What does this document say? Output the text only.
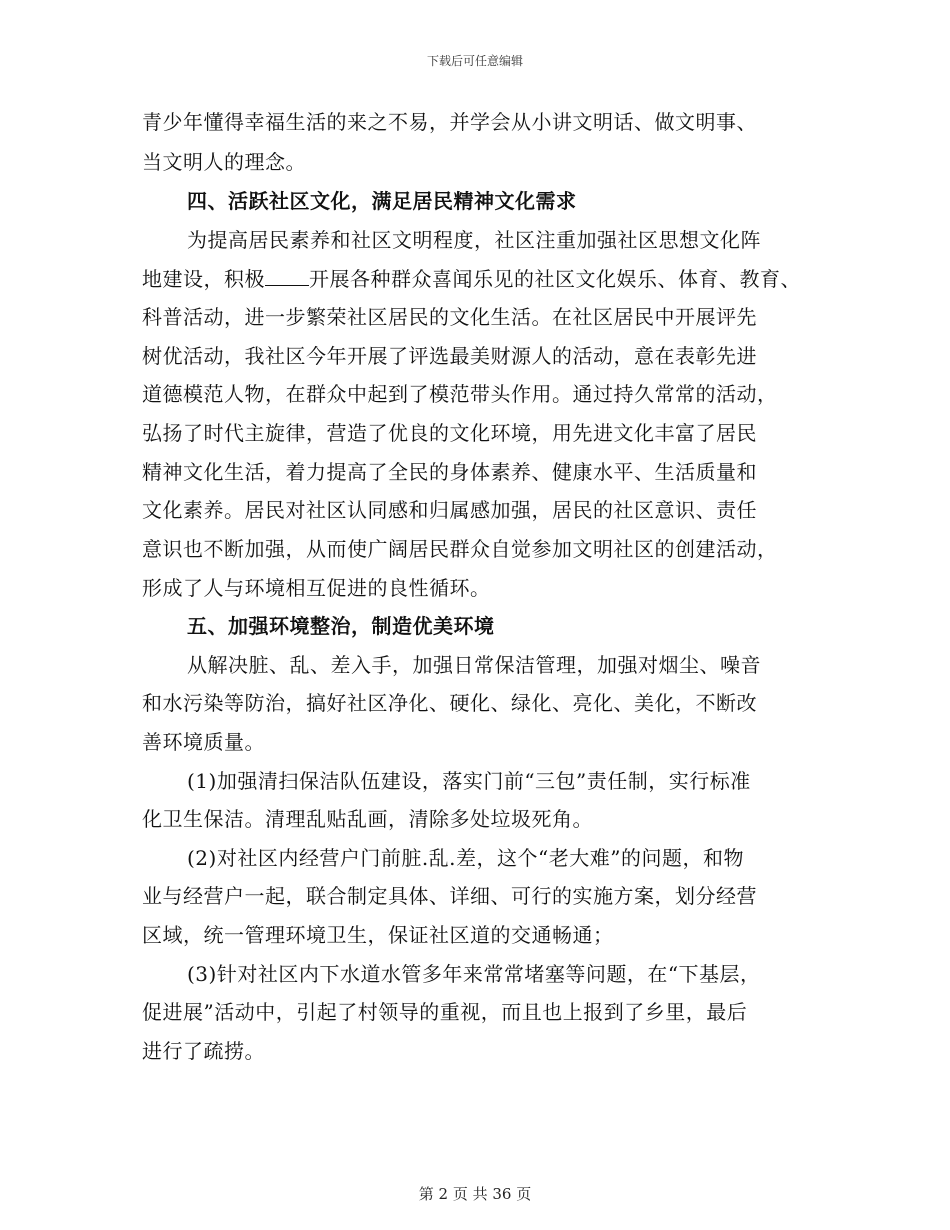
下载后可任意编辑
青少年懂得幸福生活的来之不易，并学会从小讲文明话、做文明事、
当文明人的理念。
四、活跃社区文化，满足居民精神文化需求
为提高居民素养和社区文明程度，社区注重加强社区思想文化阵
地建设，积极 开展各种群众喜闻乐见的社区文化娱乐、体育、教育、
科普活动，进一步繁荣社区居民的文化生活。在社区居民中开展评先
树优活动，我社区今年开展了评选最美财源人的活动，意在表彰先进
道德模范人物，在群众中起到了模范带头作用。通过持久常常的活动，
弘扬了时代主旋律，营造了优良的文化环境，用先进文化丰富了居民
精神文化生活，着力提高了全民的身体素养、健康水平、生活质量和
文化素养。居民对社区认同感和归属感加强，居民的社区意识、责任
意识也不断加强，从而使广阔居民群众自觉参加文明社区的创建活动，
形成了人与环境相互促进的良性循环。
五、加强环境整治，制造优美环境
从解决脏、乱、差入手，加强日常保洁管理，加强对烟尘、噪音
和水污染等防治，搞好社区净化、硬化、绿化、亮化、美化，不断改
善环境质量。
(1)加强清扫保洁队伍建设，落实门前“三包”责任制，实行标准
化卫生保洁。清理乱贴乱画，清除多处垃圾死角。
(2)对社区内经营户门前脏.乱.差，这个“老大难”的问题，和物
业与经营户一起，联合制定具体、详细、可行的实施方案，划分经营
区域，统一管理环境卫生，保证社区道的交通畅通；
(3)针对社区内下水道水管多年来常常堵塞等问题，在“下基层，
促进展”活动中，引起了村领导的重视，而且也上报到了乡里，最后
进行了疏捞。
第 2 页 共 36 页
